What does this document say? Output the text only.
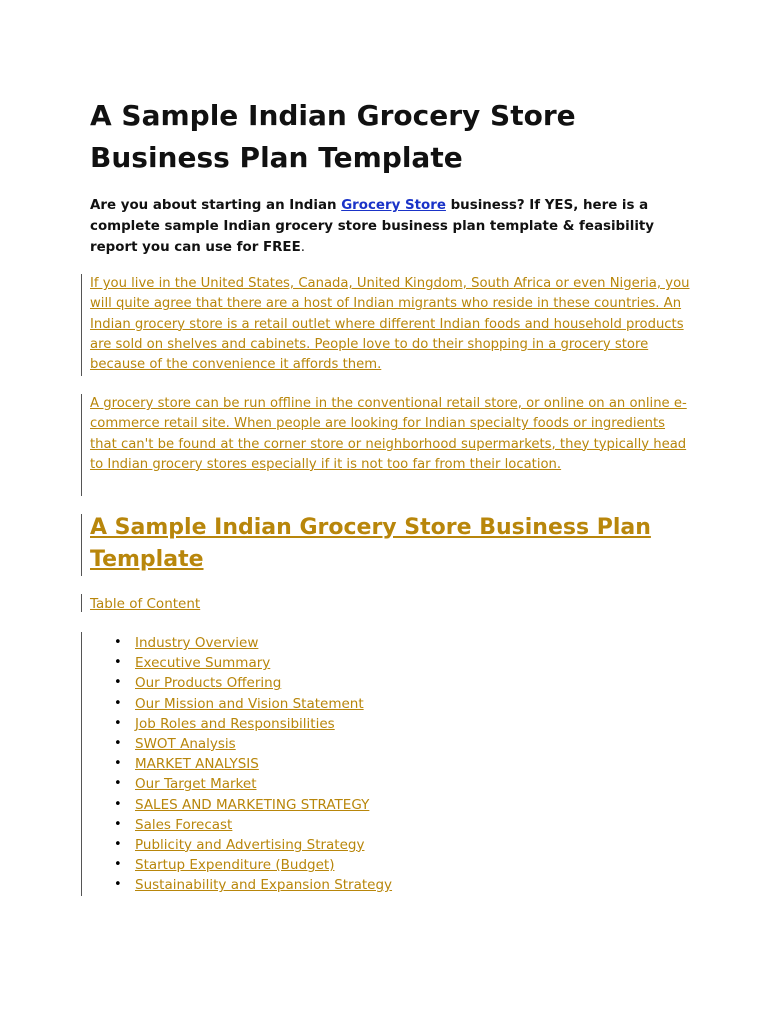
A Sample Indian Grocery Store Business Plan Template

Are you about starting an Indian Grocery Store business? If YES, here is a complete sample Indian grocery store business plan template & feasibility report you can use for FREE.

If you live in the United States, Canada, United Kingdom, South Africa or even Nigeria, you will quite agree that there are a host of Indian migrants who reside in these countries. An Indian grocery store is a retail outlet where different Indian foods and household products are sold on shelves and cabinets. People love to do their shopping in a grocery store because of the convenience it affords them.

A grocery store can be run offline in the conventional retail store, or online on an online e-commerce retail site. When people are looking for Indian specialty foods or ingredients that can't be found at the corner store or neighborhood supermarkets, they typically head to Indian grocery stores especially if it is not too far from their location.

A Sample Indian Grocery Store Business Plan Template

Table of Content

• Industry Overview
• Executive Summary
• Our Products Offering
• Our Mission and Vision Statement
• Job Roles and Responsibilities
• SWOT Analysis
• MARKET ANALYSIS
• Our Target Market
• SALES AND MARKETING STRATEGY
• Sales Forecast
• Publicity and Advertising Strategy
• Startup Expenditure (Budget)
• Sustainability and Expansion Strategy
